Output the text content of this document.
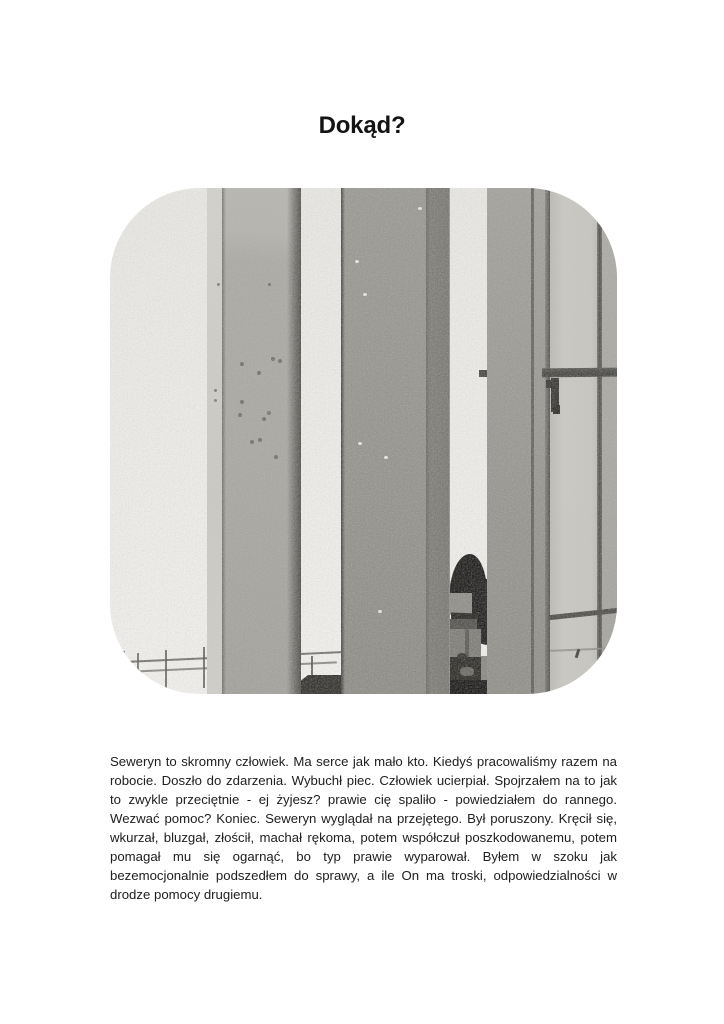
Dokąd?
Seweryn to skromny człowiek. Ma serce jak mało kto. Kiedyś pracowaliśmy razem na
robocie. Doszło do zdarzenia. Wybuchł piec. Człowiek ucierpiał. Spojrzałem na to jak
to zwykle przeciętnie - ej żyjesz? prawie cię spaliło - powiedziałem do rannego.
Wezwać pomoc? Koniec. Seweryn wyglądał na przejętego. Był poruszony. Kręcił się,
wkurzał, bluzgał, złościł, machał rękoma, potem współczuł poszkodowanemu, potem
pomagał mu się ogarnąć, bo typ prawie wyparował. Byłem w szoku jak
bezemocjonalnie podszedłem do sprawy, a ile On ma troski, odpowiedzialności w
drodze pomocy drugiemu.
